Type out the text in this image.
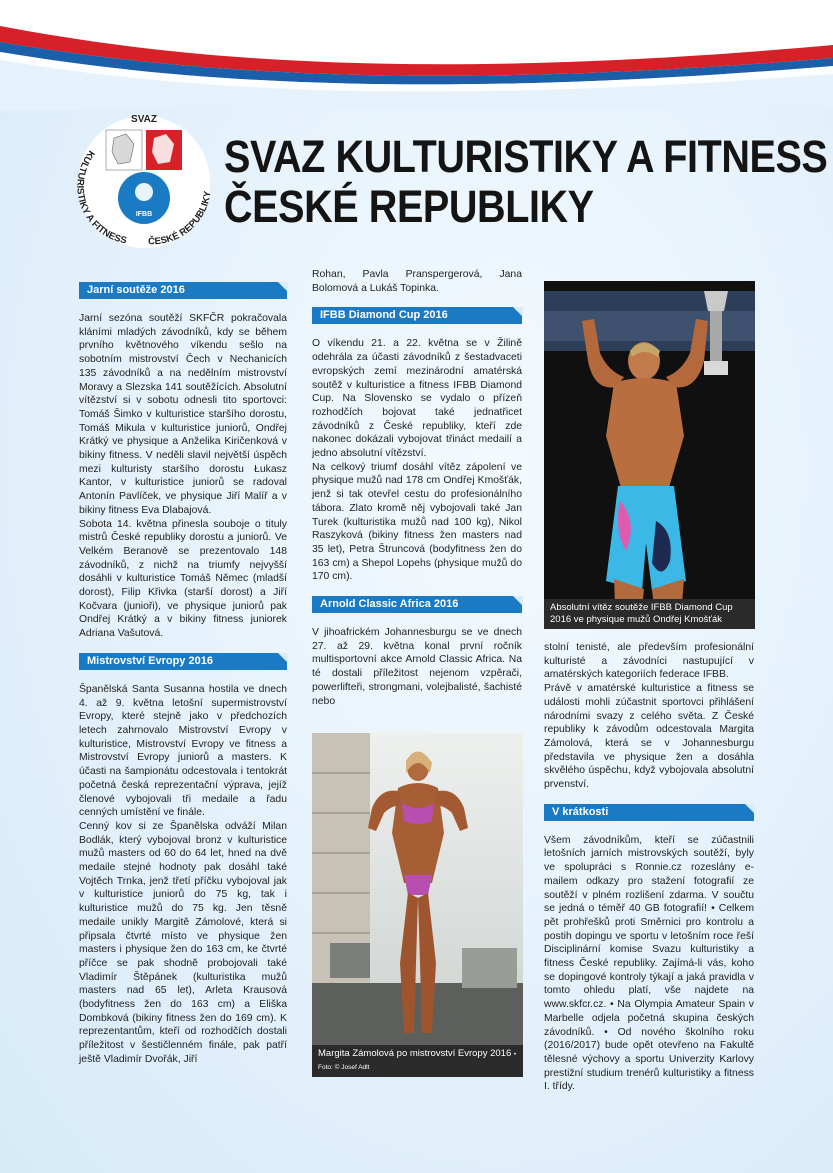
SVAZ
IFBB
KULTURISTIKY A FITNESS ČESKÉ REPUBLIKY
SVAZ KULTURISTIKY A FITNESS
ČESKÉ REPUBLIKY
Jarní soutěže 2016

Jarní sezóna soutěží SKFČR pokračovala kláními mladých závodníků, kdy se během prvního květnového víkendu sešlo na sobotním mistrovství Čech v Nechanicích 135 závodníků a na nedělním mistrovství Moravy a Slezska 141 soutěžících. Absolutní vítězství si v sobotu odnesli tito sportovci: Tomáš Šimko v kulturistice staršího dorostu, Tomáš Mikula v kulturistice juniorů, Ondřej Krátký ve physique a Anželika Kiričenková v bikiny fitness. V neděli slavil největší úspěch mezi kulturisty staršího dorostu Łukasz Kantor, v kulturistice juniorů se radoval Antonín Pavlíček, ve physique Jiří Malíř a v bikiny fitness Eva Dlabajová.

Sobota 14. května přinesla souboje o tituly mistrů České republiky dorostu a juniorů. Ve Velkém Beranově se prezentovalo 148 závodníků, z nichž na triumfy nejvyšší dosáhli v kulturistice Tomáš Němec (mladší dorost), Filip Křivka (starší dorost) a Jiří Kočvara (junioři), ve physique juniorů pak Ondřej Krátký a v bikiny fitness juniorek Adriana Vašutová.

Mistrovství Evropy 2016

Španělská Santa Susanna hostila ve dnech 4. až 9. května letošní supermistrovství Evropy, které stejně jako v předchozích letech zahrnovalo Mistrovství Evropy v kulturistice, Mistrovství Evropy ve fitness a Mistrovství Evropy juniorů a masters. K účasti na šampionátu odcestovala i tentokrát početná česká reprezentační výprava, jejíž členové vybojovali tři medaile a řadu cenných umístění ve finále.

Cenný kov si ze Španělska odváží Milan Bodlák, který vybojoval bronz v kulturistice mužů masters od 60 do 64 let, hned na dvě medaile stejné hodnoty pak dosáhl také Vojtěch Trnka, jenž třetí příčku vybojoval jak v kulturistice juniorů do 75 kg, tak i kulturistice mužů do 75 kg. Jen těsně medaile unikly Margitě Zámolové, která si připsala čtvrté místo ve physique žen masters i physique žen do 163 cm, ke čtvrté příčce se pak shodně probojovali také Vladimír Štěpánek (kulturistika mužů masters nad 65 let), Arleta Krausová (bodyfitness žen do 163 cm) a Eliška Dombková (bikiny fitness žen do 169 cm). K reprezentantům, kteří od rozhodčích dostali příležitost v šestičlenném finále, pak patří ještě Vladimír Dvořák, Jiří

Rohan, Pavla Pranspergerová, Jana Bolomová a Lukáš Topinka.

IFBB Diamond Cup 2016

O víkendu 21. a 22. května se v Žilině odehrála za účasti závodníků z šestadvaceti evropských zemí mezinárodní amatérská soutěž v kulturistice a fitness IFBB Diamond Cup. Na Slovensko se vydalo o přízeň rozhodčích bojovat také jednatřicet závodníků z České republiky, kteří zde nakonec dokázali vybojovat třináct medailí a jedno absolutní vítězství.

Na celkový triumf dosáhl vítěz zápolení ve physique mužů nad 178 cm Ondřej Kmošťák, jenž si tak otevřel cestu do profesionálního tábora. Zlato kromě něj vybojovali také Jan Turek (kulturistika mužů nad 100 kg), Nikol Raszyková (bikiny fitness žen masters nad 35 let), Petra Štruncová (bodyfitness žen do 163 cm) a Shepol Lopehs (physique mužů do 170 cm).

Arnold Classic Africa 2016

V jihoafrickém Johannesburgu se ve dnech 27. až 29. května konal první ročník multisportovní akce Arnold Classic Africa. Na té dostali příležitost nejenom vzpěrači, powerlifteři, strongmani, volejbalisté, šachisté nebo

Margita Zámolová po mistrovství Evropy 2016 • Foto: © Josef Adlt
Absolutní vítěz soutěže IFBB Diamond Cup 2016 ve physique mužů Ondřej Kmošťák

stolní tenisté, ale především profesionální kulturisté a závodníci nastupující v amatérských kategoriích federace IFBB.

Právě v amatérské kulturistice a fitness se události mohli zúčastnit sportovci přihlášení národními svazy z celého světa. Z České republiky k závodům odcestovala Margita Zámolová, která se v Johannesburgu představila ve physique žen a dosáhla skvělého úspěchu, když vybojovala absolutní prvenství.

V krátkosti

Všem závodníkům, kteří se zúčastnili letošních jarních mistrovských soutěží, byly ve spolupráci s Ronnie.cz rozeslány e-mailem odkazy pro stažení fotografií ze soutěží v plném rozlišení zdarma. V součtu se jedná o téměř 40 GB fotografií! • Celkem pět prohřešků proti Směrnici pro kontrolu a postih dopingu ve sportu v letošním roce řeší Disciplinární komise Svazu kulturistiky a fitness České republiky. Zajímá-li vás, koho se dopingové kontroly týkají a jaká pravidla v tomto ohledu platí, vše najdete na www.skfcr.cz. • Na Olympia Amateur Spain v Marbelle odjela početná skupina českých závodníků. • Od nového školního roku (2016/2017) bude opět otevřeno na Fakultě tělesné výchovy a sportu Univerzity Karlovy prestižní studium trenérů kulturistiky a fitness I. třídy.
